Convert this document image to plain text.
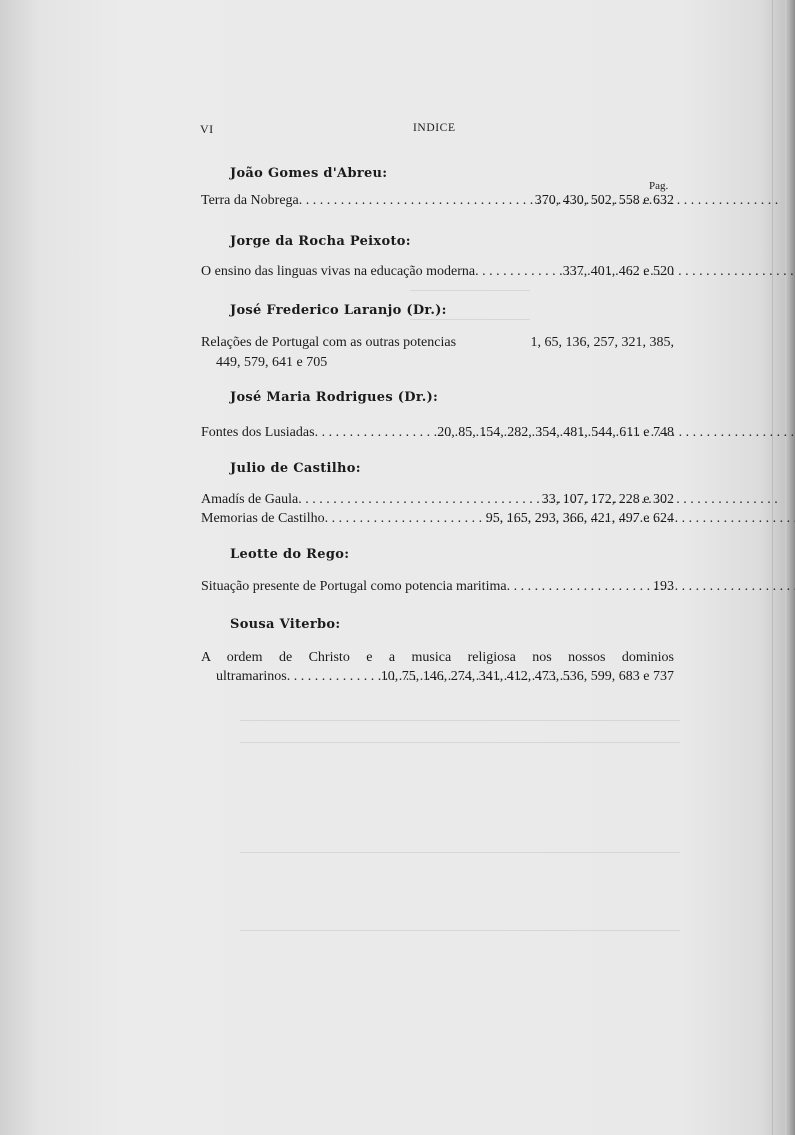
VI	INDICE
João Gomes d'Abreu:
Pag.
Terra da Nobrega	370, 430, 502, 558 e 632
. . .
Jorge da Rocha Peixoto:
O ensino das linguas vivas na educação moderna	337, 401, 462 e 520
. . .
José Frederico Laranjo (Dr.):
Relações de Portugal com as outras potencias	1, 65, 136, 257, 321, 385,
449, 579, 641 e 705
José Maria Rodrigues (Dr.):
Fontes dos Lusiadas	20, 85, 154, 282, 354, 481, 544, 611 e 748
. . .
Julio de Castilho:
Amadís de Gaula	33, 107, 172, 228 e 302
. . .
Memorias de Castilho	95, 165, 293, 366, 421, 497 e 624
. . .
Leotte do Rego:
Situação presente de Portugal como potencia maritima	193
. . .
Sousa Viterbo:
A ordem de Christo e a musica religiosa nos nossos dominios
ultramarinos	10, 75, 146, 274, 341, 412, 473, 536, 599, 683 e 737
. . .
